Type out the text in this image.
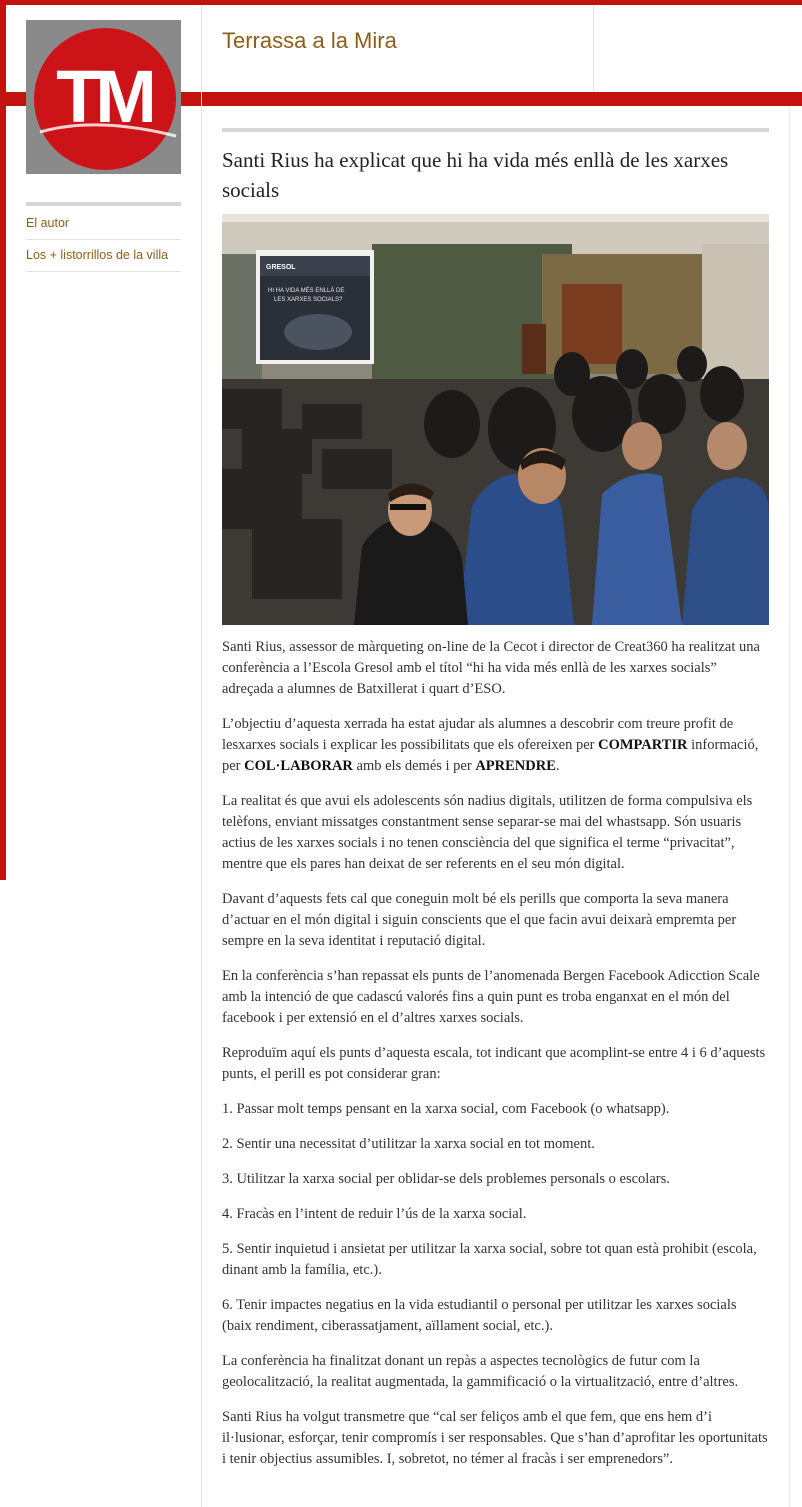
TM
Terrassa a la Mira
El autor
Los + listorrillos de la villa
Santi Rius ha explicat que hi ha vida més enllà de les xarxes socials
GRESOL
HI HA VIDA MÉS ENLLÀ DE
LES XARXES SOCIALS?

Santi Rius, assessor de màrqueting on-line de la Cecot i director de Creat360 ha realitzat una conferència a l’Escola Gresol amb el títol “hi ha vida més enllà de les xarxes socials” adreçada a alumnes de Batxillerat i quart d’ESO.

L’objectiu d’aquesta xerrada ha estat ajudar als alumnes a descobrir com treure profit de lesxarxes socials i explicar les possibilitats que els ofereixen per COMPARTIR informació, per COL·LABORAR amb els demés i per APRENDRE.

La realitat és que avui els adolescents són nadius digitals, utilitzen de forma compulsiva els telèfons, enviant missatges constantment sense separar-se mai del whastsapp. Són usuaris actius de les xarxes socials i no tenen consciència del que significa el terme “privacitat”, mentre que els pares han deixat de ser referents en el seu món digital.

Davant d’aquests fets cal que coneguin molt bé els perills que comporta la seva manera d’actuar en el món digital i siguin conscients que el que facin avui deixarà empremta per sempre en la seva identitat i reputació digital.

En la conferència s’han repassat els punts de l’anomenada Bergen Facebook Adicction Scale amb la intenció de que cadascú valorés fins a quin punt es troba enganxat en el món del facebook i per extensió en el d’altres xarxes socials.

Reproduïm aquí els punts d’aquesta escala, tot indicant que acomplint-se entre 4 i 6 d’aquests punts, el perill es pot considerar gran:

1. Passar molt temps pensant en la xarxa social, com Facebook (o whatsapp).

2. Sentir una necessitat d’utilitzar la xarxa social en tot moment.

3. Utilitzar la xarxa social per oblidar-se dels problemes personals o escolars.

4. Fracàs en l’intent de reduir l’ús de la xarxa social.

5. Sentir inquietud i ansietat per utilitzar la xarxa social, sobre tot quan està prohibit (escola, dinant amb la família, etc.).

6. Tenir impactes negatius en la vida estudiantil o personal per utilitzar les xarxes socials (baix rendiment, ciberassatjament, aïllament social, etc.).

La conferència ha finalitzat donant un repàs a aspectes tecnològics de futur com la geolocalització, la realitat augmentada, la gammificació o la virtualització, entre d’altres.

Santi Rius ha volgut transmetre que “cal ser feliços amb el que fem, que ens hem d’i il·lusionar, esforçar, tenir compromís i ser responsables. Que s’han d’aprofitar les oportunitats i tenir objectius assumibles. I, sobretot, no témer al fracàs i ser emprenedors”.
